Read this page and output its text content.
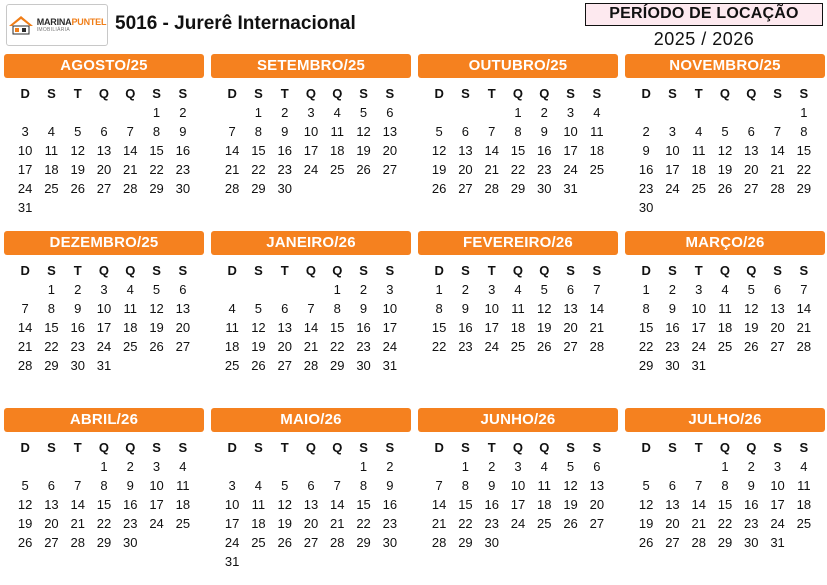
MARINAPUNTEL
IMOBILIÁRIA	5016 - Jurerê Internacional	PERÍODO DE LOCAÇÃO
2025 / 2026
AGOSTO/25
D	S	T	Q	Q	S	S
					1	2
3	4	5	6	7	8	9
10	11	12	13	14	15	16
17	18	19	20	21	22	23
24	25	26	27	28	29	30
31						
SETEMBRO/25
D	S	T	Q	Q	S	S
	1	2	3	4	5	6
7	8	9	10	11	12	13
14	15	16	17	18	19	20
21	22	23	24	25	26	27
28	29	30				
OUTUBRO/25
D	S	T	Q	Q	S	S
			1	2	3	4
5	6	7	8	9	10	11
12	13	14	15	16	17	18
19	20	21	22	23	24	25
26	27	28	29	30	31	
NOVEMBRO/25
D	S	T	Q	Q	S	S
						1
2	3	4	5	6	7	8
9	10	11	12	13	14	15
16	17	18	19	20	21	22
23	24	25	26	27	28	29
30						
DEZEMBRO/25
D	S	T	Q	Q	S	S
	1	2	3	4	5	6
7	8	9	10	11	12	13
14	15	16	17	18	19	20
21	22	23	24	25	26	27
28	29	30	31			
JANEIRO/26
D	S	T	Q	Q	S	S
				1	2	3
4	5	6	7	8	9	10
11	12	13	14	15	16	17
18	19	20	21	22	23	24
25	26	27	28	29	30	31
FEVEREIRO/26
D	S	T	Q	Q	S	S
1	2	3	4	5	6	7
8	9	10	11	12	13	14
15	16	17	18	19	20	21
22	23	24	25	26	27	28
MARÇO/26
D	S	T	Q	Q	S	S
1	2	3	4	5	6	7
8	9	10	11	12	13	14
15	16	17	18	19	20	21
22	23	24	25	26	27	28
29	30	31				
ABRIL/26
D	S	T	Q	Q	S	S
			1	2	3	4
5	6	7	8	9	10	11
12	13	14	15	16	17	18
19	20	21	22	23	24	25
26	27	28	29	30		
MAIO/26
D	S	T	Q	Q	S	S
					1	2
3	4	5	6	7	8	9
10	11	12	13	14	15	16
17	18	19	20	21	22	23
24	25	26	27	28	29	30
31						
JUNHO/26
D	S	T	Q	Q	S	S
	1	2	3	4	5	6
7	8	9	10	11	12	13
14	15	16	17	18	19	20
21	22	23	24	25	26	27
28	29	30				
JULHO/26
D	S	T	Q	Q	S	S
			1	2	3	4
5	6	7	8	9	10	11
12	13	14	15	16	17	18
19	20	21	22	23	24	25
26	27	28	29	30	31	
